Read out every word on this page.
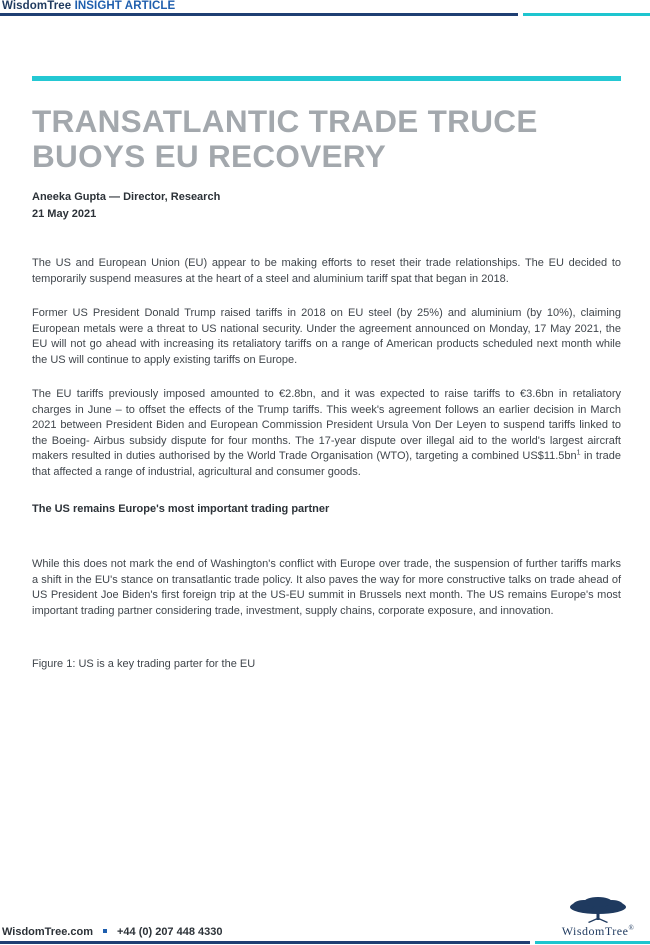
WisdomTree INSIGHT ARTICLE
TRANSATLANTIC TRADE TRUCE BUOYS EU RECOVERY
Aneeka Gupta — Director, Research
21 May 2021

The US and European Union (EU) appear to be making efforts to reset their trade relationships. The EU decided to temporarily suspend measures at the heart of a steel and aluminium tariff spat that began in 2018.

Former US President Donald Trump raised tariffs in 2018 on EU steel (by 25%) and aluminium (by 10%), claiming European metals were a threat to US national security. Under the agreement announced on Monday, 17 May 2021, the EU will not go ahead with increasing its retaliatory tariffs on a range of American products scheduled next month while the US will continue to apply existing tariffs on Europe.

The EU tariffs previously imposed amounted to €2.8bn, and it was expected to raise tariffs to €3.6bn in retaliatory charges in June – to offset the effects of the Trump tariffs. This week's agreement follows an earlier decision in March 2021 between President Biden and European Commission President Ursula Von Der Leyen to suspend tariffs linked to the Boeing- Airbus subsidy dispute for four months. The 17-year dispute over illegal aid to the world's largest aircraft makers resulted in duties authorised by the World Trade Organisation (WTO), targeting a combined $US\$11.5bn^1$ in trade that affected a range of industrial, agricultural and consumer goods.

The US remains Europe's most important trading partner

While this does not mark the end of Washington's conflict with Europe over trade, the suspension of further tariffs marks a shift in the EU's stance on transatlantic trade policy. It also paves the way for more constructive talks on trade ahead of US President Joe Biden's first foreign trip at the US-EU summit in Brussels next month. The US remains Europe's most important trading partner considering trade, investment, supply chains, corporate exposure, and innovation.

Figure 1: US is a key trading parter for the EU
WisdomTree®
WisdomTree.com +44 (0) 207 448 4330
